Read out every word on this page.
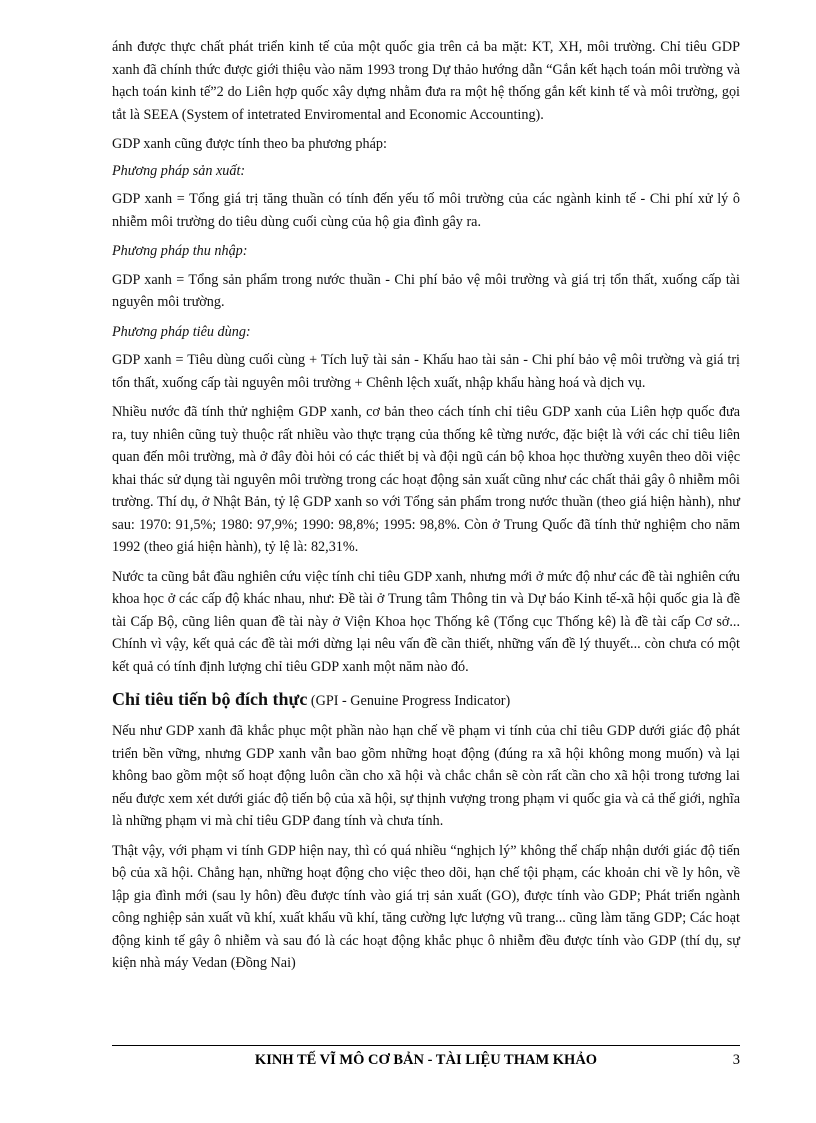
ánh được thực chất phát triển kinh tế của một quốc gia trên cả ba mặt: KT, XH, môi trường. Chỉ tiêu GDP xanh đã chính thức được giới thiệu vào năm 1993 trong Dự thảo hướng dẫn “Gắn kết hạch toán môi trường và hạch toán kinh tế”2 do Liên hợp quốc xây dựng nhằm đưa ra một hệ thống gắn kết kinh tế và môi trường, gọi tắt là SEEA (System of intetrated Enviromental and Economic Accounting).

GDP xanh cũng được tính theo ba phương pháp:

Phương pháp sản xuất:

GDP xanh = Tổng giá trị tăng thuần có tính đến yếu tố môi trường của các ngành kinh tế - Chi phí xử lý ô nhiễm môi trường do tiêu dùng cuối cùng của hộ gia đình gây ra.

Phương pháp thu nhập:

GDP xanh = Tổng sản phẩm trong nước thuần - Chi phí bảo vệ môi trường và giá trị tổn thất, xuống cấp tài nguyên môi trường.

Phương pháp tiêu dùng:

GDP xanh = Tiêu dùng cuối cùng + Tích luỹ tài sản - Khấu hao tài sản - Chi phí bảo vệ môi trường và giá trị tổn thất, xuống cấp tài nguyên môi trường + Chênh lệch xuất, nhập khẩu hàng hoá và dịch vụ.

Nhiều nước đã tính thử nghiệm GDP xanh, cơ bản theo cách tính chỉ tiêu GDP xanh của Liên hợp quốc đưa ra, tuy nhiên cũng tuỳ thuộc rất nhiều vào thực trạng của thống kê từng nước, đặc biệt là với các chỉ tiêu liên quan đến môi trường, mà ở đây đòi hỏi có các thiết bị và đội ngũ cán bộ khoa học thường xuyên theo dõi việc khai thác sử dụng tài nguyên môi trường trong các hoạt động sản xuất cũng như các chất thải gây ô nhiễm môi trường. Thí dụ, ở Nhật Bản, tỷ lệ GDP xanh so với Tổng sản phẩm trong nước thuần (theo giá hiện hành), như sau: 1970: 91,5%; 1980: 97,9%; 1990: 98,8%; 1995: 98,8%. Còn ở Trung Quốc đã tính thử nghiệm cho năm 1992 (theo giá hiện hành), tỷ lệ là: 82,31%.

Nước ta cũng bắt đầu nghiên cứu việc tính chỉ tiêu GDP xanh, nhưng mới ở mức độ như các đề tài nghiên cứu khoa học ở các cấp độ khác nhau, như: Đề tài ở Trung tâm Thông tin và Dự báo Kinh tế-xã hội quốc gia là đề tài Cấp Bộ, cũng liên quan đề tài này ở Viện Khoa học Thống kê (Tổng cục Thống kê) là đề tài cấp Cơ sở... Chính vì vậy, kết quả các đề tài mới dừng lại nêu vấn đề cần thiết, những vấn đề lý thuyết... còn chưa có một kết quả có tính định lượng chỉ tiêu GDP xanh một năm nào đó.

Chỉ tiêu tiến bộ đích thực (GPI - Genuine Progress Indicator)

Nếu như GDP xanh đã khắc phục một phần nào hạn chế về phạm vi tính của chỉ tiêu GDP dưới giác độ phát triển bền vững, nhưng GDP xanh vẫn bao gồm những hoạt động (đúng ra xã hội không mong muốn) và lại không bao gồm một số hoạt động luôn cần cho xã hội và chắc chắn sẽ còn rất cần cho xã hội trong tương lai nếu được xem xét dưới giác độ tiến bộ của xã hội, sự thịnh vượng trong phạm vi quốc gia và cả thế giới, nghĩa là những phạm vi mà chỉ tiêu GDP đang tính và chưa tính.

Thật vậy, với phạm vi tính GDP hiện nay, thì có quá nhiều “nghịch lý” không thể chấp nhận dưới giác độ tiến bộ của xã hội. Chẳng hạn, những hoạt động cho việc theo dõi, hạn chế tội phạm, các khoản chi về ly hôn, về lập gia đình mới (sau ly hôn) đều được tính vào giá trị sản xuất (GO), được tính vào GDP; Phát triển ngành công nghiệp sản xuất vũ khí, xuất khẩu vũ khí, tăng cường lực lượng vũ trang... cũng làm tăng GDP; Các hoạt động kinh tế gây ô nhiễm và sau đó là các hoạt động khắc phục ô nhiễm đều được tính vào GDP (thí dụ, sự kiện nhà máy Vedan (Đồng Nai)

KINH TẾ VĨ MÔ CƠ BẢN - TÀI LIỆU THAM KHẢO	3
